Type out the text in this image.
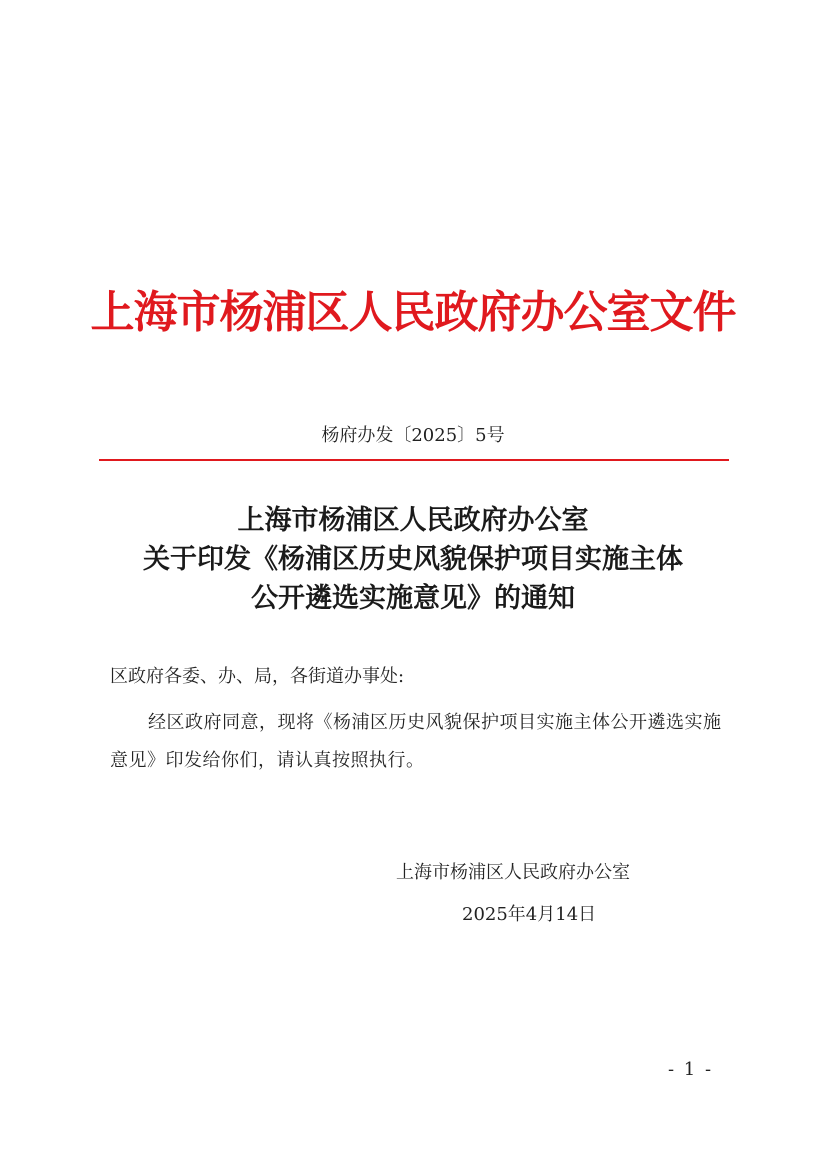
上海市杨浦区人民政府办公室文件
杨府办发〔2025〕5号
上海市杨浦区人民政府办公室
关于印发《杨浦区历史风貌保护项目实施主体
公开遴选实施意见》的通知
区政府各委、办、局，各街道办事处:
经区政府同意，现将《杨浦区历史风貌保护项目实施主体公开遴选实施意见》印发给你们，请认真按照执行。
上海市杨浦区人民政府办公室
2025年4月14日
- 1 -
